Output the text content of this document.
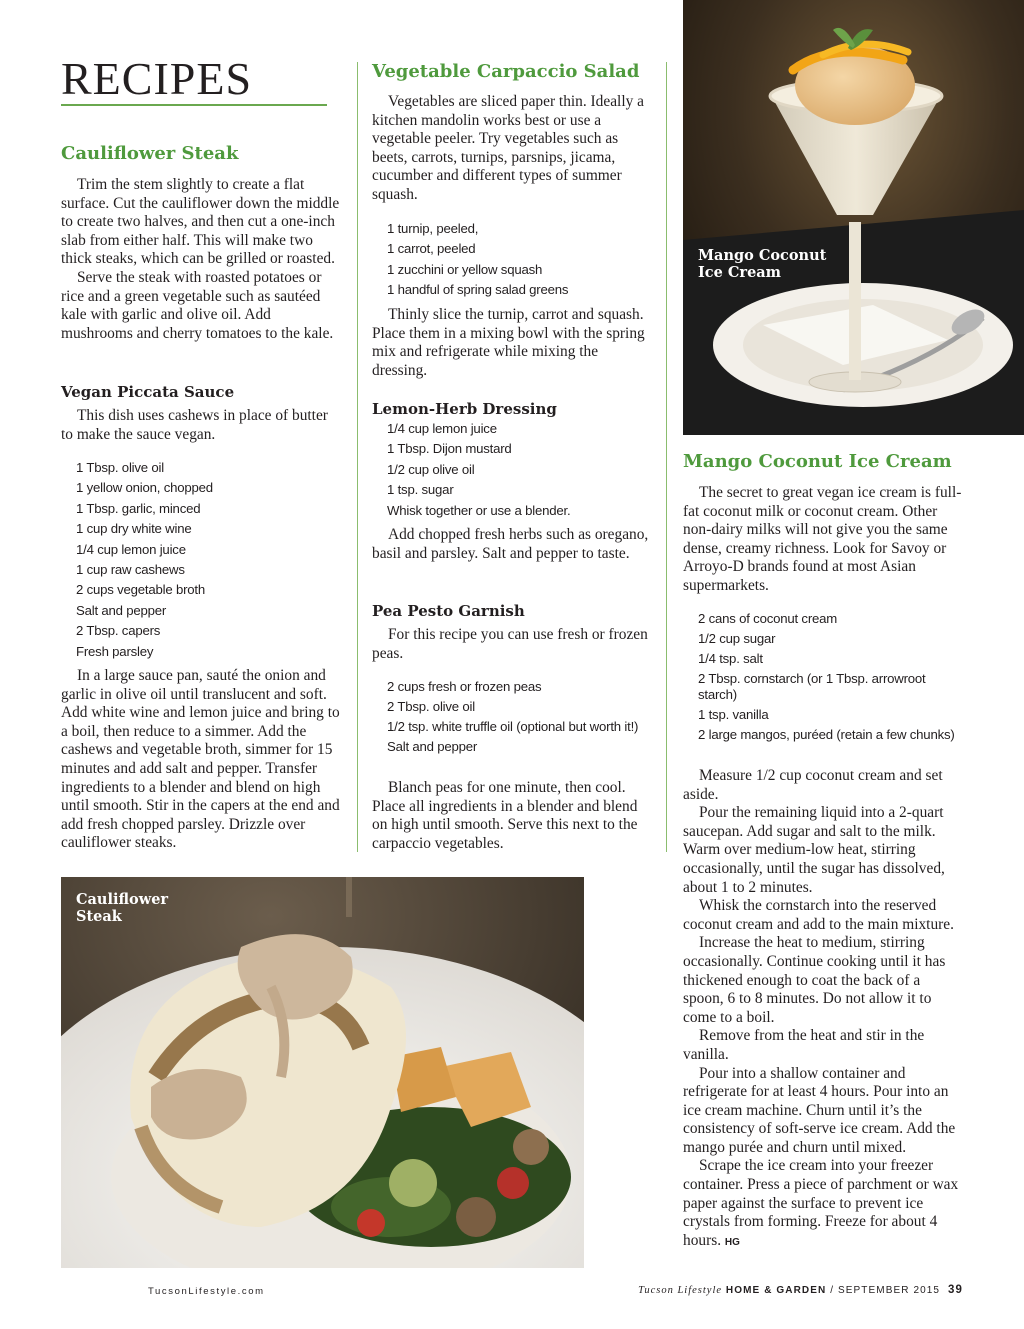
RECIPES
Cauliflower Steak

Trim the stem slightly to create a flat surface. Cut the cauliflower down the middle to create two halves, and then cut a one-inch slab from either half. This will make two thick steaks, which can be grilled or roasted.

Serve the steak with roasted potatoes or rice and a green vegetable such as sautéed kale with garlic and olive oil. Add mushrooms and cherry tomatoes to the kale.

Vegan Piccata Sauce

This dish uses cashews in place of butter to make the sauce vegan.

1 Tbsp. olive oil
1 yellow onion, chopped
1 Tbsp. garlic, minced
1 cup dry white wine
1/4 cup lemon juice
1 cup raw cashews
2 cups vegetable broth
Salt and pepper
2 Tbsp. capers
Fresh parsley

In a large sauce pan, sauté the onion and garlic in olive oil until translucent and soft. Add white wine and lemon juice and bring to a boil, then reduce to a simmer. Add the cashews and vegetable broth, simmer for 15 minutes and add salt and pepper. Transfer ingredients to a blender and blend on high until smooth. Stir in the capers at the end and add fresh chopped parsley. Drizzle over cauliflower steaks.

Vegetable Carpaccio Salad

Vegetables are sliced paper thin. Ideally a kitchen mandolin works best or use a vegetable peeler. Try vegetables such as beets, carrots, turnips, parsnips, jicama, cucumber and different types of summer squash.

1 turnip, peeled,
1 carrot, peeled
1 zucchini or yellow squash
1 handful of spring salad greens

Thinly slice the turnip, carrot and squash. Place them in a mixing bowl with the spring mix and refrigerate while mixing the dressing.

Lemon-Herb Dressing
1/4 cup lemon juice
1 Tbsp. Dijon mustard
1/2 cup olive oil
1 tsp. sugar
Whisk together or use a blender.

Add chopped fresh herbs such as oregano, basil and parsley. Salt and pepper to taste.

Pea Pesto Garnish

For this recipe you can use fresh or frozen peas.

2 cups fresh or frozen peas
2 Tbsp. olive oil
1/2 tsp. white truffle oil (optional but worth it!)
Salt and pepper

Blanch peas for one minute, then cool. Place all ingredients in a blender and blend on high until smooth. Serve this next to the carpaccio vegetables.

Mango Coconut
Ice Cream
Mango Coconut Ice Cream

The secret to great vegan ice cream is full-fat coconut milk or coconut cream. Other non-dairy milks will not give you the same dense, creamy richness. Look for Savoy or Arroyo-D brands found at most Asian supermarkets.

2 cans of coconut cream
1/2 cup sugar
1/4 tsp. salt
2 Tbsp. cornstarch (or 1 Tbsp. arrowroot starch)
1 tsp. vanilla
2 large mangos, puréed (retain a few chunks)

Measure 1/2 cup coconut cream and set aside.

Pour the remaining liquid into a 2-quart saucepan. Add sugar and salt to the milk. Warm over medium-low heat, stirring occasionally, until the sugar has dissolved, about 1 to 2 minutes.

Whisk the cornstarch into the reserved coconut cream and add to the main mixture.

Increase the heat to medium, stirring occasionally. Continue cooking until it has thickened enough to coat the back of a spoon, 6 to 8 minutes. Do not allow it to come to a boil.

Remove from the heat and stir in the vanilla.

Pour into a shallow container and refrigerate for at least 4 hours. Pour into an ice cream machine. Churn until it’s the consistency of soft-serve ice cream. Add the mango purée and churn until mixed.

Scrape the ice cream into your freezer container. Press a piece of parchment or wax paper against the surface to prevent ice crystals from forming. Freeze for about 4 hours. HG

Cauliflower
Steak
TucsonLifestyle.com	Tucson Lifestyle HOME & GARDEN / SEPTEMBER 2015 39
